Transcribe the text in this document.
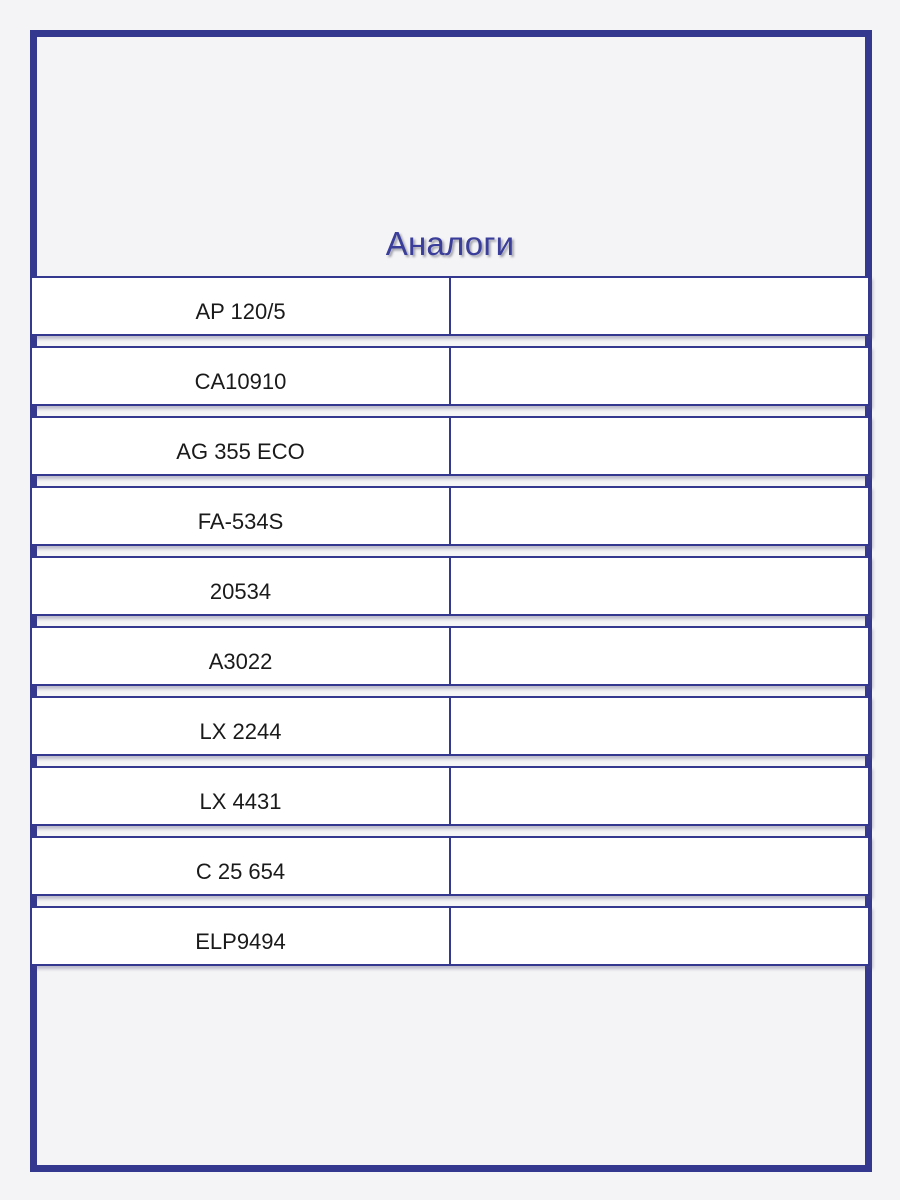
Аналоги
AP 120/5
CA10910
AG 355 ECO
FA-534S
20534
A3022
LX 2244
LX 4431
C 25 654
ELP9494
